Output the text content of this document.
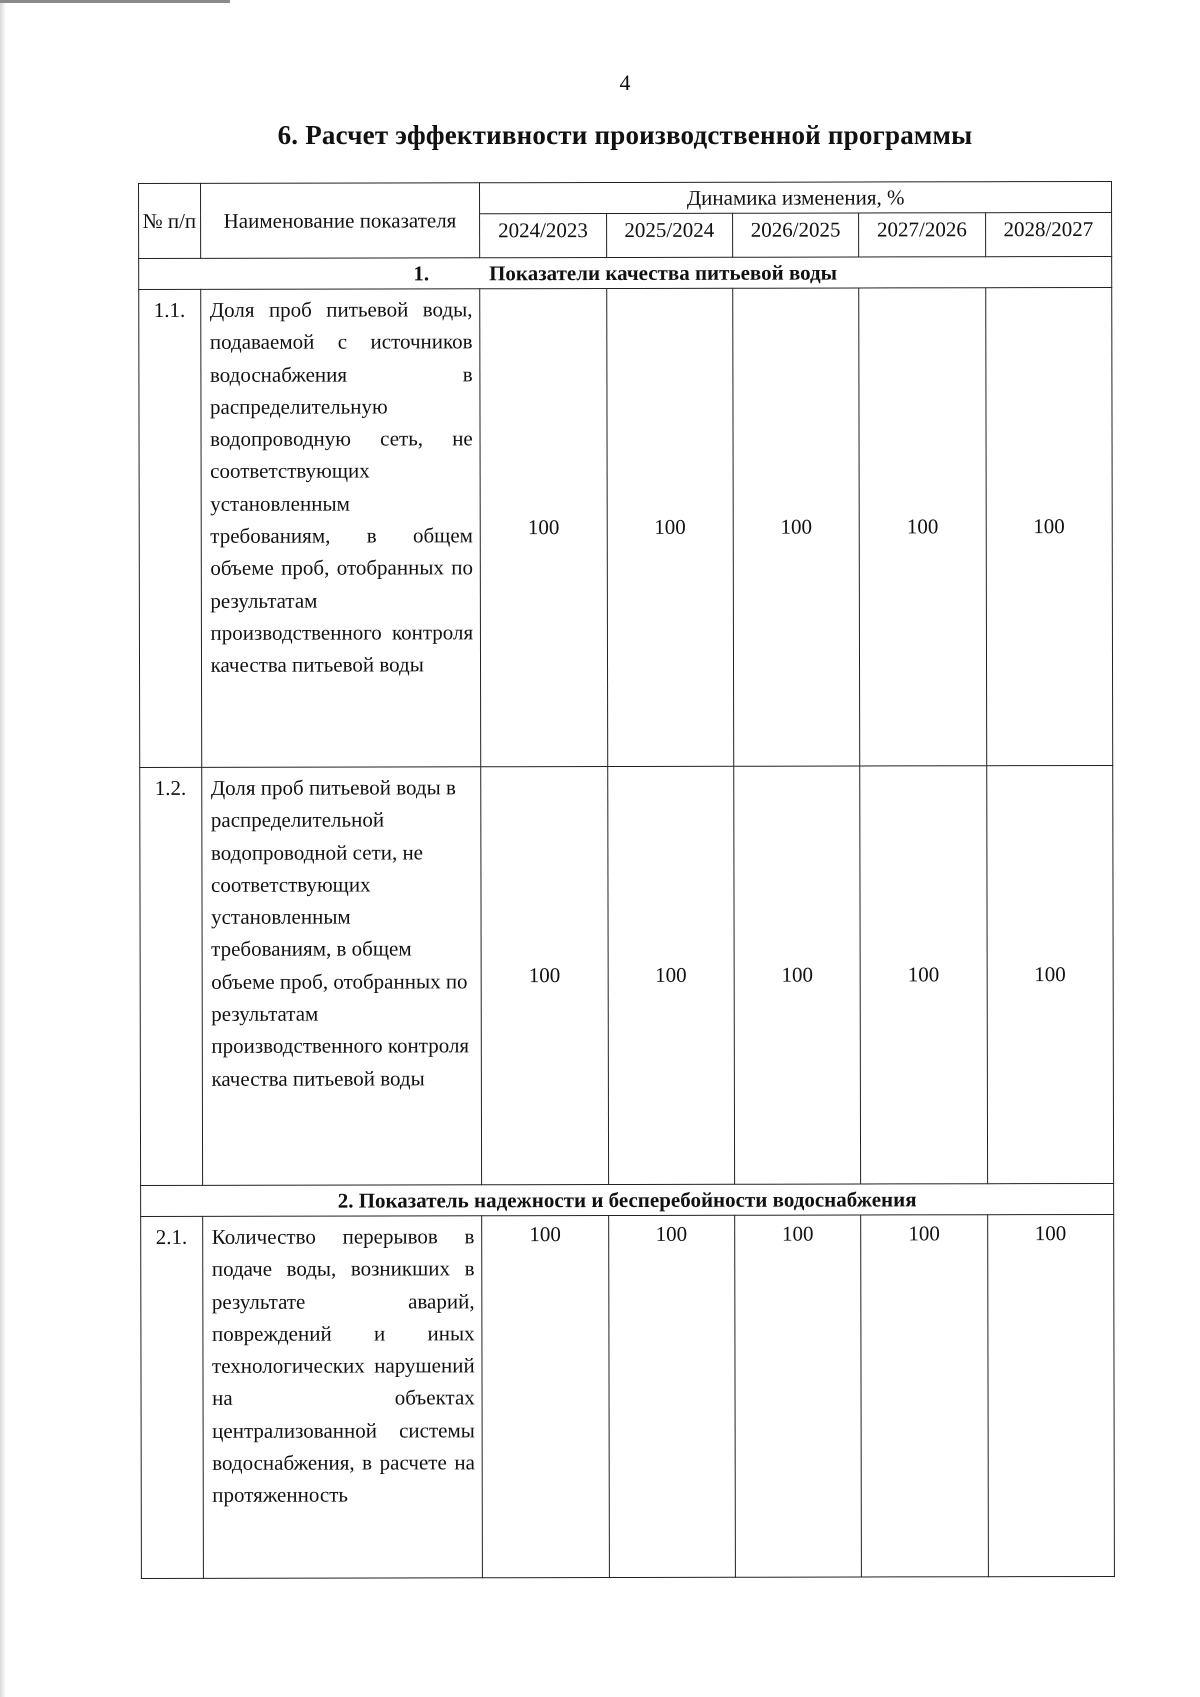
4
6. Расчет эффективности производственной программы
№ п/п	Наименование показателя	Динамика изменения, %				
		2024/2023	2025/2024	2026/2025	2027/2026	2028/2027
1. Показатели качества питьевой воды						
1.1.	Доля проб питьевой воды, подаваемой с источников водоснабжения в распределительную водопроводную сеть, не соответствующих установленным требованиям, в общем объеме проб, отобранных по результатам производственного контроля качества питьевой воды	100	100	100	100	100
1.2.	Доля проб питьевой воды в распределительной водопроводной сети, не соответствующих установленным требованиям, в общем объеме проб, отобранных по результатам производственного контроля качества питьевой воды	100	100	100	100	100
2. Показатель надежности и бесперебойности водоснабжения						
2.1.	Количество перерывов в подаче воды, возникших в результате аварий, повреждений и иных технологических нарушений на объектах централизованной системы водоснабжения, в расчете на протяженность	100	100	100	100	100
